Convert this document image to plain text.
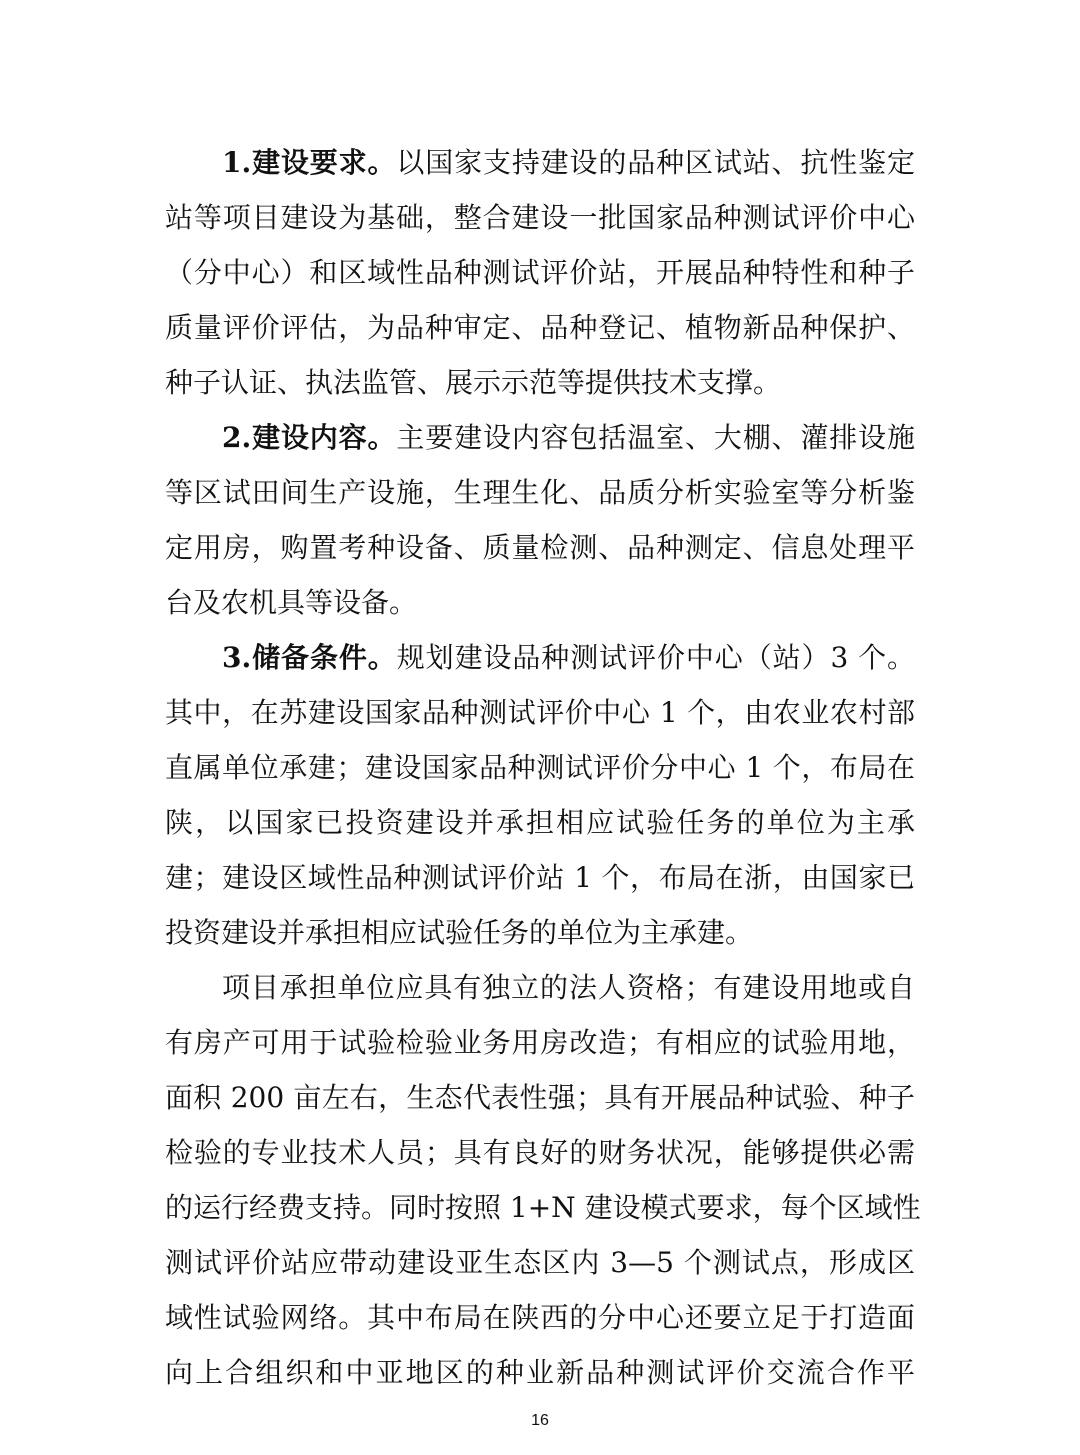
1.建设要求。以国家支持建设的品种区试站、抗性鉴定
站等项目建设为基础，整合建设一批国家品种测试评价中心
（分中心）和区域性品种测试评价站，开展品种特性和种子
质量评价评估，为品种审定、品种登记、植物新品种保护、
种子认证、执法监管、展示示范等提供技术支撑。
2.建设内容。主要建设内容包括温室、大棚、灌排设施
等区试田间生产设施，生理生化、品质分析实验室等分析鉴
定用房，购置考种设备、质量检测、品种测定、信息处理平
台及农机具等设备。
3.储备条件。规划建设品种测试评价中心（站）3 个。
其中，在苏建设国家品种测试评价中心 1 个，由农业农村部
直属单位承建；建设国家品种测试评价分中心 1 个，布局在
陕，以国家已投资建设并承担相应试验任务的单位为主承
建；建设区域性品种测试评价站 1 个，布局在浙，由国家已
投资建设并承担相应试验任务的单位为主承建。
项目承担单位应具有独立的法人资格；有建设用地或自
有房产可用于试验检验业务用房改造；有相应的试验用地，
面积 200 亩左右，生态代表性强；具有开展品种试验、种子
检验的专业技术人员；具有良好的财务状况，能够提供必需
的运行经费支持。同时按照 1+N 建设模式要求，每个区域性
测试评价站应带动建设亚生态区内 3—5 个测试点，形成区
域性试验网络。其中布局在陕西的分中心还要立足于打造面
向上合组织和中亚地区的种业新品种测试评价交流合作平
16
